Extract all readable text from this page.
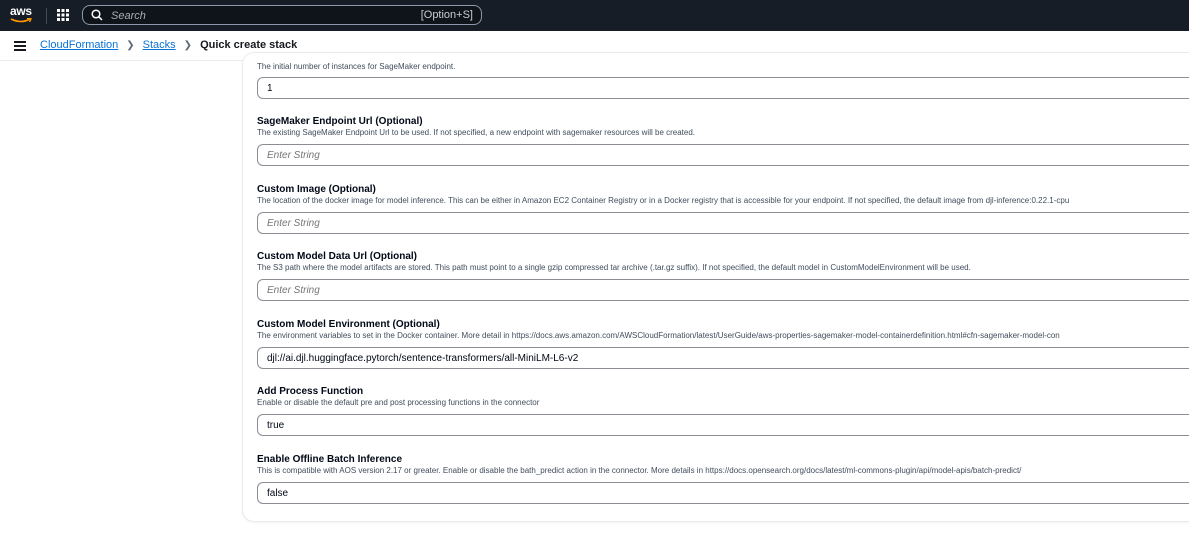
aws
Search	[Option+S]
CloudFormation ❯ Stacks ❯ Quick create stack
The initial number of instances for SageMaker endpoint.
1
SageMaker Endpoint Url (Optional)
The existing SageMaker Endpoint Url to be used. If not specified, a new endpoint with sagemaker resources will be created.
Enter String
Custom Image (Optional)
The location of the docker image for model inference. This can be either in Amazon EC2 Container Registry or in a Docker registry that is accessible for your endpoint. If not specified, the default image from djl-inference:0.22.1-cpu
Enter String
Custom Model Data Url (Optional)
The S3 path where the model artifacts are stored. This path must point to a single gzip compressed tar archive (.tar.gz suffix). If not specified, the default model in CustomModelEnvironment will be used.
Enter String
Custom Model Environment (Optional)
The environment variables to set in the Docker container. More detail in https://docs.aws.amazon.com/AWSCloudFormation/latest/UserGuide/aws-properties-sagemaker-model-containerdefinition.html#cfn-sagemaker-model-con
djl://ai.djl.huggingface.pytorch/sentence-transformers/all-MiniLM-L6-v2
Add Process Function
Enable or disable the default pre and post processing functions in the connector
true
Enable Offline Batch Inference
This is compatible with AOS version 2.17 or greater. Enable or disable the bath_predict action in the connector. More details in https://docs.opensearch.org/docs/latest/ml-commons-plugin/api/model-apis/batch-predict/
false
